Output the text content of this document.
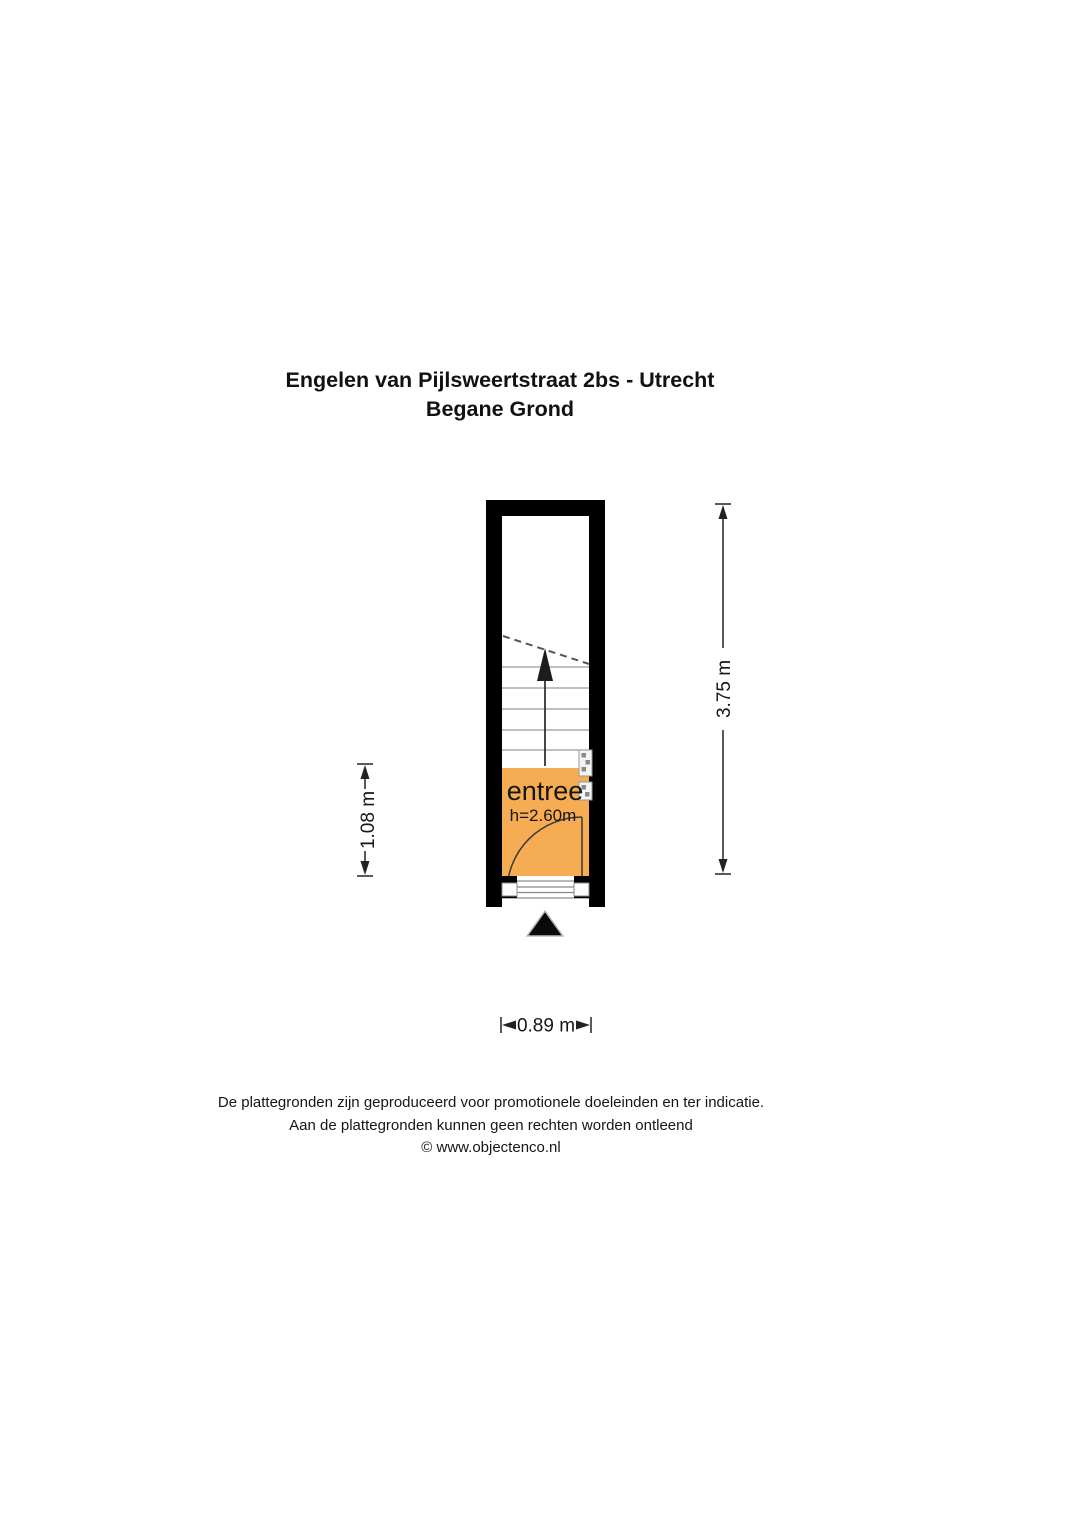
Engelen van Pijlsweertstraat 2bs - Utrecht
Begane Grond
entree
h=2.60m
3.75 m
1.08 m
0.89 m
De plattegronden zijn geproduceerd voor promotionele doeleinden en ter indicatie.
Aan de plattegronden kunnen geen rechten worden ontleend
© www.objectenco.nl
